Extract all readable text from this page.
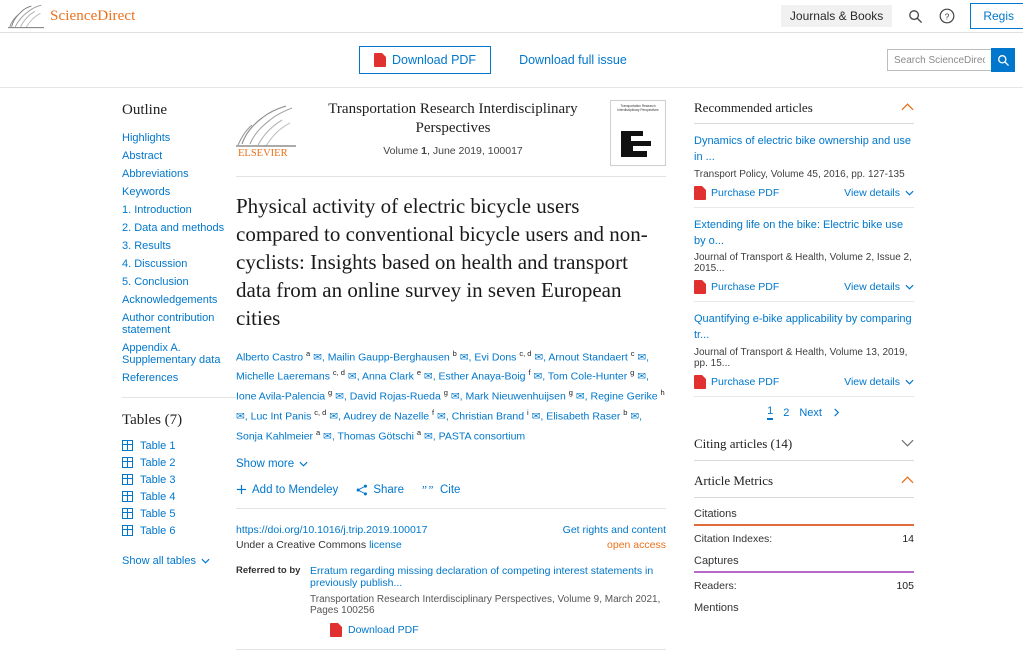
ScienceDirect	Journals & Books	?	Regis
Download PDF	Download full issue
Search ScienceDirect
Outline
Highlights
Abstract
Abbreviations
Keywords
1. Introduction
2. Data and methods
3. Results
4. Discussion
5. Conclusion
Acknowledgements
Author contribution statement
Appendix A. Supplementary data
References
Tables (7)
Table 1
Table 2
Table 3
Table 4
Table 5
Table 6
Show all tables
ELSEVIER
Transportation Research Interdisciplinary Perspectives
Volume 1, June 2019, 100017
Transportation Research Interdisciplinary Perspectives
Physical activity of electric bicycle users compared to conventional bicycle users and non-cyclists: Insights based on health and transport data from an online survey in seven European cities
Alberto Castro $^a$ ✉, Mailin Gaupp-Berghausen $^b$ ✉, Evi Dons $^{c, d}$ ✉, Arnout Standaert $^c$ ✉, Michelle Laeremans $^{c, d}$ ✉, Anna Clark $^e$ ✉, Esther Anaya-Boig $^f$ ✉, Tom Cole-Hunter $^g$ ✉, Ione Avila-Palencia $^g$ ✉, David Rojas-Rueda $^g$ ✉, Mark Nieuwenhuijsen $^g$ ✉, Regine Gerike $^h$ ✉, Luc Int Panis $^{c, d}$ ✉, Audrey de Nazelle $^f$ ✉, Christian Brand $^i$ ✉, Elisabeth Raser $^b$ ✉, Sonja Kahlmeier $^a$ ✉, Thomas Götschi $^a$ ✉, PASTA consortium
Show more
Add to Mendeley	Share ” ” Cite
https://doi.org/10.1016/j.trip.2019.100017	Get rights and content
Under a Creative Commons license	open access
Referred to by Erratum regarding missing declaration of competing interest statements in previously publish...
Transportation Research Interdisciplinary Perspectives, Volume 9, March 2021, Pages 100256
Download PDF
Recommended articles
Dynamics of electric bike ownership and use in ...
Transport Policy, Volume 45, 2016, pp. 127-135
Purchase PDF	View details
Extending life on the bike: Electric bike use by o...
Journal of Transport & Health, Volume 2, Issue 2, 2015...
Purchase PDF	View details
Quantifying e-bike applicability by comparing tr...
Journal of Transport & Health, Volume 13, 2019, pp. 15...
Purchase PDF	View details
1 2 Next
Citing articles (14)
Article Metrics
Citations
Citation Indexes:	14
Captures
Readers:	105
Mentions
